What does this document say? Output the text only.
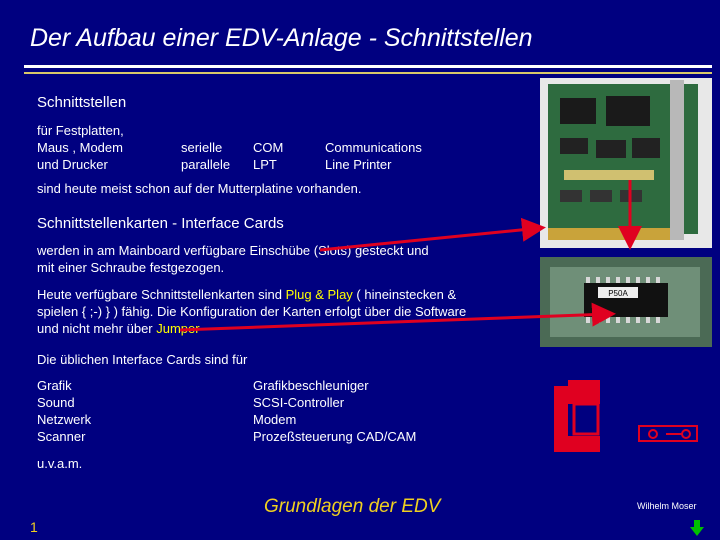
Der Aufbau einer EDV-Anlage - Schnittstellen
Schnittstellen
für Festplatten,
Maus , Modem
und Drucker
serielle
parallele
COM
LPT
Communications
Line Printer
sind heute meist schon auf der Mutterplatine vorhanden.
Schnittstellenkarten - Interface Cards
werden in am Mainboard verfügbare Einschübe (Slots) gesteckt und
mit einer Schraube festgezogen.
Heute verfügbare Schnittstellenkarten sind Plug & Play ( hineinstecken &
spielen { ;-) } ) fähig. Die Konfiguration der Karten erfolgt über die Software
und nicht mehr über Jumper
Die üblichen Interface Cards sind für
Grafik
Sound
Netzwerk
Scanner
Grafikbeschleuniger
SCSI-Controller
Modem
Prozeßsteuerung CAD/CAM
u.v.a.m.
P50A
Grundlagen der EDV	Wilhelm Moser
1
